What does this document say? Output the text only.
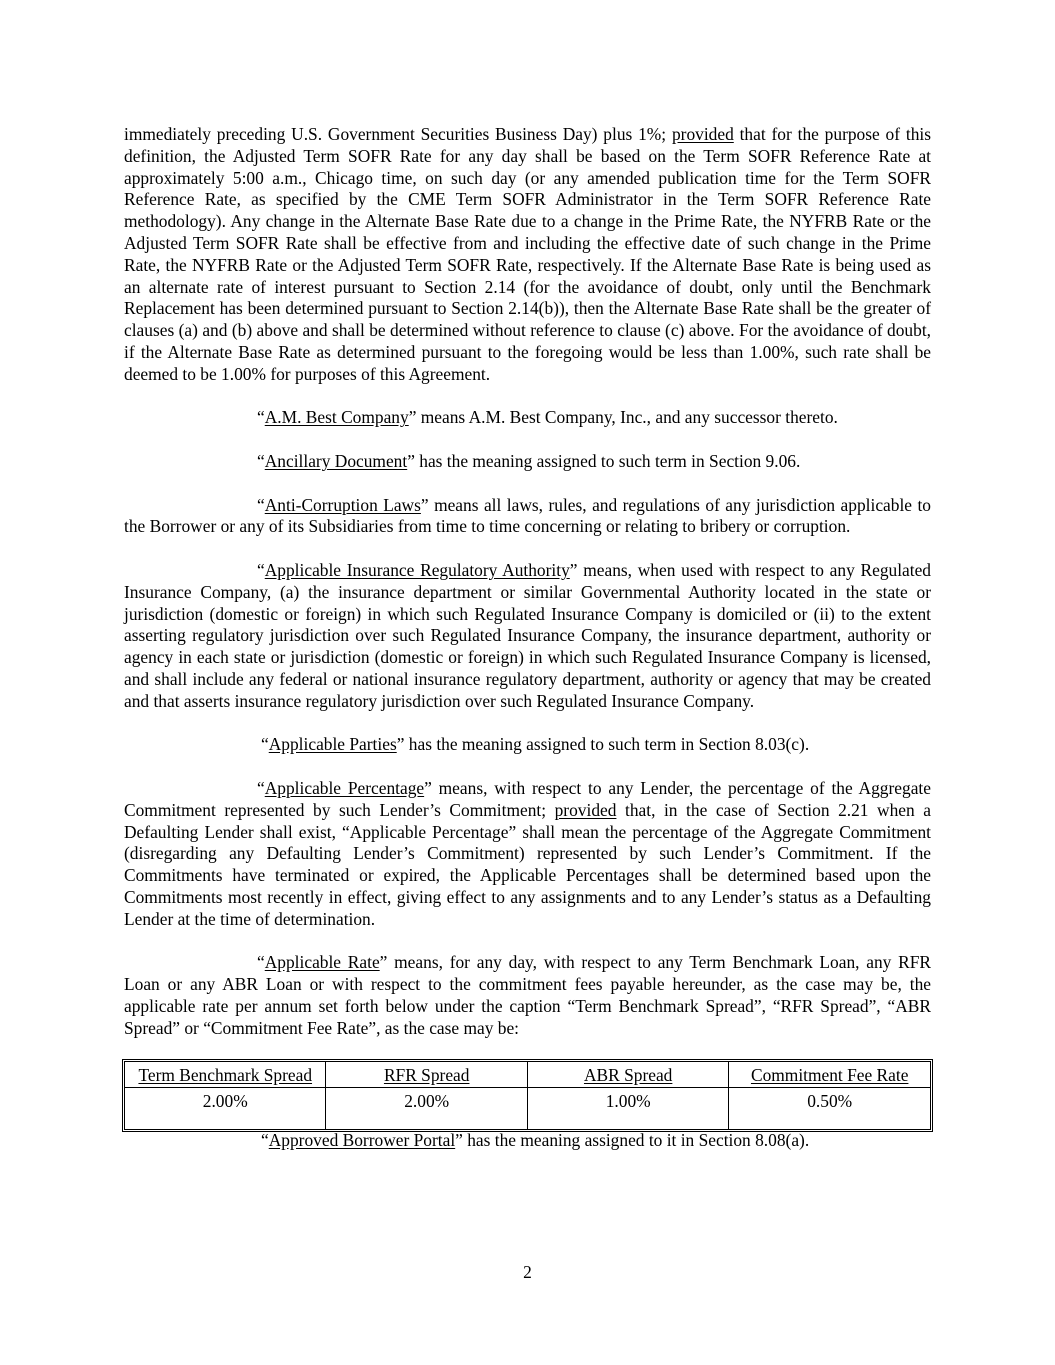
immediately preceding U.S. Government Securities Business Day) plus 1%; provided that for the purpose of this definition, the Adjusted Term SOFR Rate for any day shall be based on the Term SOFR Reference Rate at approximately 5:00 a.m., Chicago time, on such day (or any amended publication time for the Term SOFR Reference Rate, as specified by the CME Term SOFR Administrator in the Term SOFR Reference Rate methodology). Any change in the Alternate Base Rate due to a change in the Prime Rate, the NYFRB Rate or the Adjusted Term SOFR Rate shall be effective from and including the effective date of such change in the Prime Rate, the NYFRB Rate or the Adjusted Term SOFR Rate, respectively. If the Alternate Base Rate is being used as an alternate rate of interest pursuant to Section 2.14 (for the avoidance of doubt, only until the Benchmark Replacement has been determined pursuant to Section 2.14(b)), then the Alternate Base Rate shall be the greater of clauses (a) and (b) above and shall be determined without reference to clause (c) above. For the avoidance of doubt, if the Alternate Base Rate as determined pursuant to the foregoing would be less than 1.00%, such rate shall be deemed to be 1.00% for purposes of this Agreement.

“A.M. Best Company” means A.M. Best Company, Inc., and any successor thereto.

“Ancillary Document” has the meaning assigned to such term in Section 9.06.

“Anti-Corruption Laws” means all laws, rules, and regulations of any jurisdiction applicable to the Borrower or any of its Subsidiaries from time to time concerning or relating to bribery or corruption.

“Applicable Insurance Regulatory Authority” means, when used with respect to any Regulated Insurance Company, (a) the insurance department or similar Governmental Authority located in the state or jurisdiction (domestic or foreign) in which such Regulated Insurance Company is domiciled or (ii) to the extent asserting regulatory jurisdiction over such Regulated Insurance Company, the insurance department, authority or agency in each state or jurisdiction (domestic or foreign) in which such Regulated Insurance Company is licensed, and shall include any federal or national insurance regulatory department, authority or agency that may be created and that asserts insurance regulatory jurisdiction over such Regulated Insurance Company.

“Applicable Parties” has the meaning assigned to such term in Section 8.03(c).

“Applicable Percentage” means, with respect to any Lender, the percentage of the Aggregate Commitment represented by such Lender’s Commitment; provided that, in the case of Section 2.21 when a Defaulting Lender shall exist, “Applicable Percentage” shall mean the percentage of the Aggregate Commitment (disregarding any Defaulting Lender’s Commitment) represented by such Lender’s Commitment. If the Commitments have terminated or expired, the Applicable Percentages shall be determined based upon the Commitments most recently in effect, giving effect to any assignments and to any Lender’s status as a Defaulting Lender at the time of determination.

“Applicable Rate” means, for any day, with respect to any Term Benchmark Loan, any RFR Loan or any ABR Loan or with respect to the commitment fees payable hereunder, as the case may be, the applicable rate per annum set forth below under the caption “Term Benchmark Spread”, “RFR Spread”, “ABR Spread” or “Commitment Fee Rate”, as the case may be:

Term Benchmark Spread	RFR Spread	ABR Spread	Commitment Fee Rate
2.00%	2.00%	1.00%	0.50%

“Approved Borrower Portal” has the meaning assigned to it in Section 8.08(a).

2
